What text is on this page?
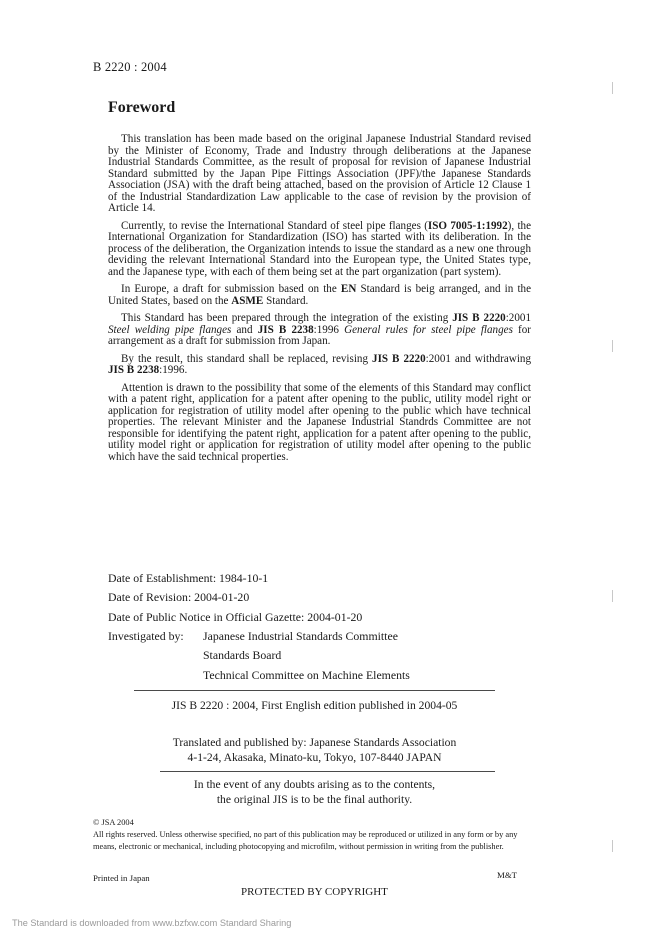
B 2220 : 2004
Foreword

This translation has been made based on the original Japanese Industrial Standard revised by the Minister of Economy, Trade and Industry through deliberations at the Japanese Industrial Standards Committee, as the result of proposal for revision of Japanese Industrial Standard submitted by the Japan Pipe Fittings Association (JPF)/the Japanese Standards Association (JSA) with the draft being attached, based on the provision of Article 12 Clause 1 of the Industrial Standardization Law applicable to the case of revision by the provision of Article 14.

Currently, to revise the International Standard of steel pipe flanges (ISO 7005-1:1992), the International Organization for Standardization (ISO) has started with its deliberation. In the process of the deliberation, the Organization intends to issue the standard as a new one through deviding the relevant International Standard into the European type, the United States type, and the Japanese type, with each of them being set at the part organization (part system).

In Europe, a draft for submission based on the EN Standard is beig arranged, and in the United States, based on the ASME Standard.

This Standard has been prepared through the integration of the existing JIS B 2220:2001 Steel welding pipe flanges and JIS B 2238:1996 General rules for steel pipe flanges for arrangement as a draft for submission from Japan.

By the result, this standard shall be replaced, revising JIS B 2220:2001 and withdrawing JIS B 2238:1996.

Attention is drawn to the possibility that some of the elements of this Standard may conflict with a patent right, application for a patent after opening to the public, utility model right or application for registration of utility model after opening to the public which have technical properties. The relevant Minister and the Japanese Industrial Standrds Committee are not responsible for identifying the patent right, application for a patent after opening to the public, utility model right or application for registration of utility model after opening to the public which have the said technical properties.

Date of Establishment: 1984-10-1
Date of Revision: 2004-01-20
Date of Public Notice in Official Gazette: 2004-01-20
Investigated by: Japanese Industrial Standards Committee
Standards Board
Technical Committee on Machine Elements
JIS B 2220 : 2004, First English edition published in 2004-05
Translated and published by: Japanese Standards Association
4-1-24, Akasaka, Minato-ku, Tokyo, 107-8440 JAPAN
In the event of any doubts arising as to the contents,
the original JIS is to be the final authority.
© JSA 2004
All rights reserved. Unless otherwise specified, no part of this publication may be reproduced or utilized in any form or by any means, electronic or mechanical, including photocopying and microfilm, without permission in writing from the publisher.
Printed in Japan	M&T
PROTECTED BY COPYRIGHT
The Standard is downloaded from www.bzfxw.com Standard Sharing
